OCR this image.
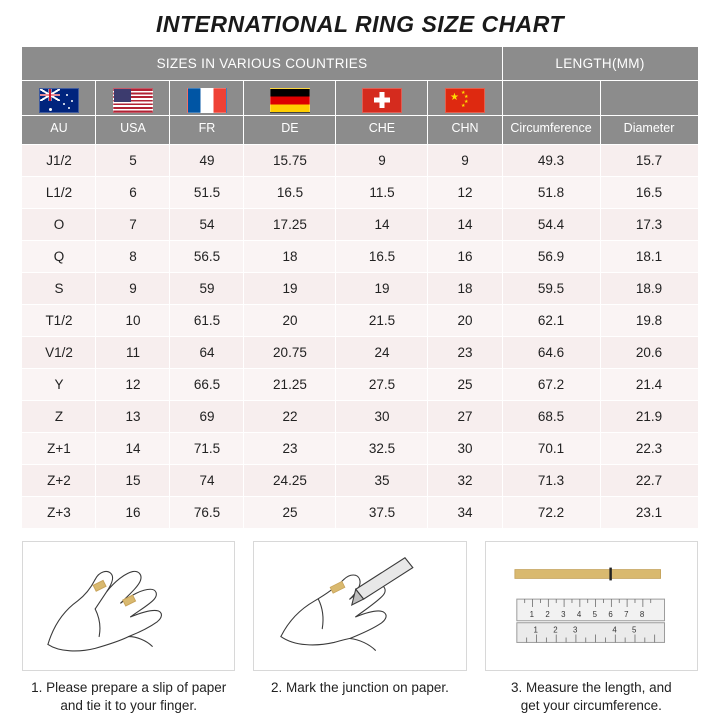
INTERNATIONAL RING SIZE CHART
SIZES IN VARIOUS COUNTRIES						LENGTH(MM)	

					★ ★
★
★
★		

AU	USA	FR	DE	CHE	CHN	Circumference	Diameter
J1/2	5	49	15.75	9	9	49.3	15.7
L1/2	6	51.5	16.5	11.5	12	51.8	16.5
O	7	54	17.25	14	14	54.4	17.3
Q	8	56.5	18	16.5	16	56.9	18.1
S	9	59	19	19	18	59.5	18.9
T1/2	10	61.5	20	21.5	20	62.1	19.8
V1/2	11	64	20.75	24	23	64.6	20.6
Y	12	66.5	21.25	27.5	25	67.2	21.4
Z	13	69	22	30	27	68.5	21.9
Z+1	14	71.5	23	32.5	30	70.1	22.3
Z+2	15	74	24.25	35	32	71.3	22.7
Z+3	16	76.5	25	37.5	34	72.2	23.1
1. Please prepare a slip of paper
and tie it to your finger.
2. Mark the junction on paper.
1 2 3 4 5 6 7 8
1 2 3	4 5
3. Measure the length, and
get your circumference.
